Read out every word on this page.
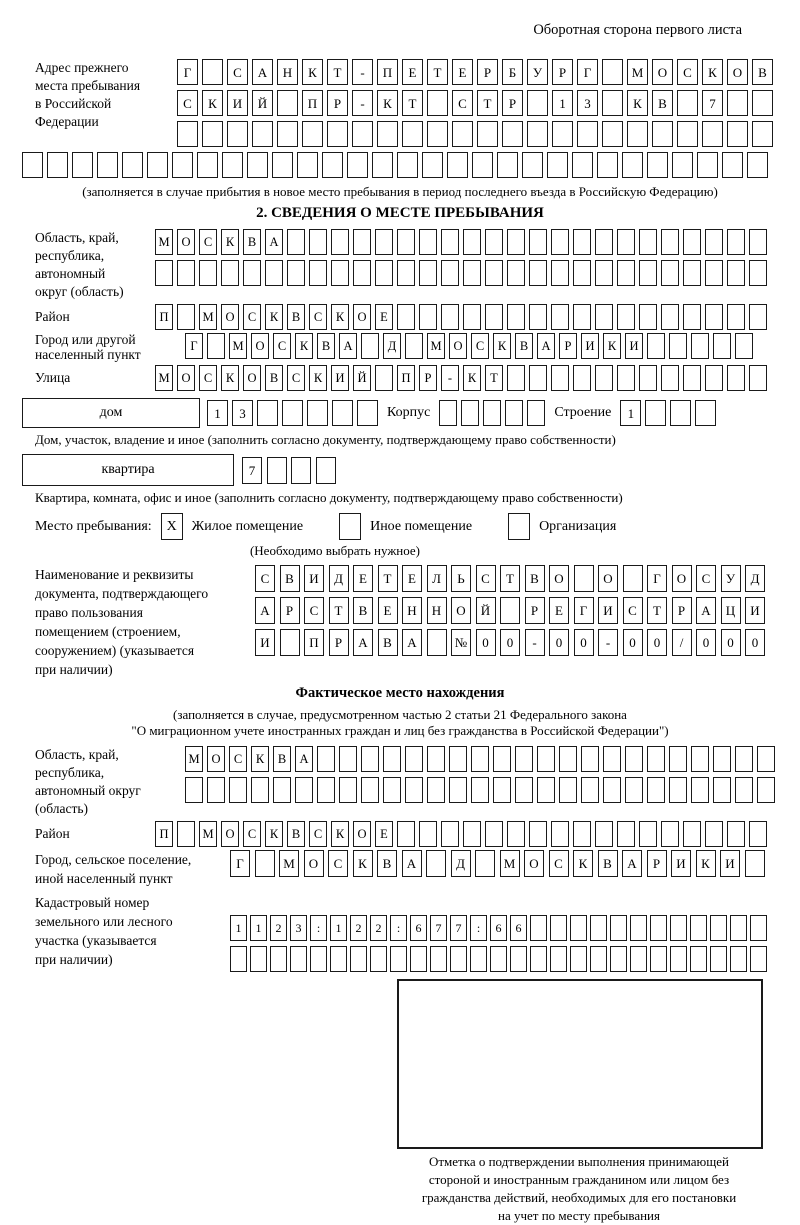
Оборотная сторона первого листа
Адрес прежнего
места пребывания
в Российской
Федерации
Г	С	А	Н	К	Т	-	П	Е	Т	Е	Р	Б	У	Р	Г	М	О	С	К	О	В
С	К	И	Й	П	Р	-	К	Т	С	Т	Р	1	3	К	В	7
(заполняется в случае прибытия в новое место пребывания в период последнего въезда в Российскую Федерацию)
2. СВЕДЕНИЯ О МЕСТЕ ПРЕБЫВАНИЯ
Область, край,
республика,
автономный
округ (область)
М О	С	К	В	А
Район	П	М О	С	К	В	С	К	О	Е
Город или другой
населенный пункт
Г	М О	С	К	В	А	Д	М О	С	К	В	А	Р	И	К	И
Улица	М О	С	К	О	В	С	К	И	Й	П	Р	-	К	Т
дом	1	3	Корпус	Строение	1
Дом, участок, владение и иное (заполнить согласно документу, подтверждающему право собственности)
квартира	7
Квартира, комната, офис и иное (заполнить согласно документу, подтверждающему право собственности)
Место пребывания:	X	Жилое помещение	Иное помещение	Организация
(Необходимо выбрать нужное)
Наименование и реквизиты
документа, подтверждающего
право пользования
помещением (строением,
сооружением) (указывается
при наличии)
С	В	И	Д	Е	Т	Е	Л	Ь	С	Т	В	О	О	Г	О	С	У	Д
А	Р	С	Т	В	Е	Н	Н	О	Й	Р	Е	Г	И	С	Т	Р	А	Ц	И
И	П	Р	А	В	А	№	0	0	-	0	0	-	0	0	/	0	0	0
Фактическое место нахождения
(заполняется в случае, предусмотренном частью 2 статьи 21 Федерального закона
"О миграционном учете иностранных граждан и лиц без гражданства в Российской Федерации")
Область, край,
республика,
автономный округ
(область)
М О	С	К	В	А
Район	П	М О	С	К	В	С	К	О	Е
Город, сельское поселение,
иной населенный пункт
Г	М	О	С	К	В	А	Д	М	О	С	К	В	А	Р	И	К	И
Кадастровый номер
земельного или лесного
участка (указывается
при наличии)
1	1	2	3	:	1	2	2	:	6	7	7	:	6	6
Отметка о подтверждении выполнения принимающей
стороной и иностранным гражданином или лицом без
гражданства действий, необходимых для его постановки
на учет по месту пребывания
